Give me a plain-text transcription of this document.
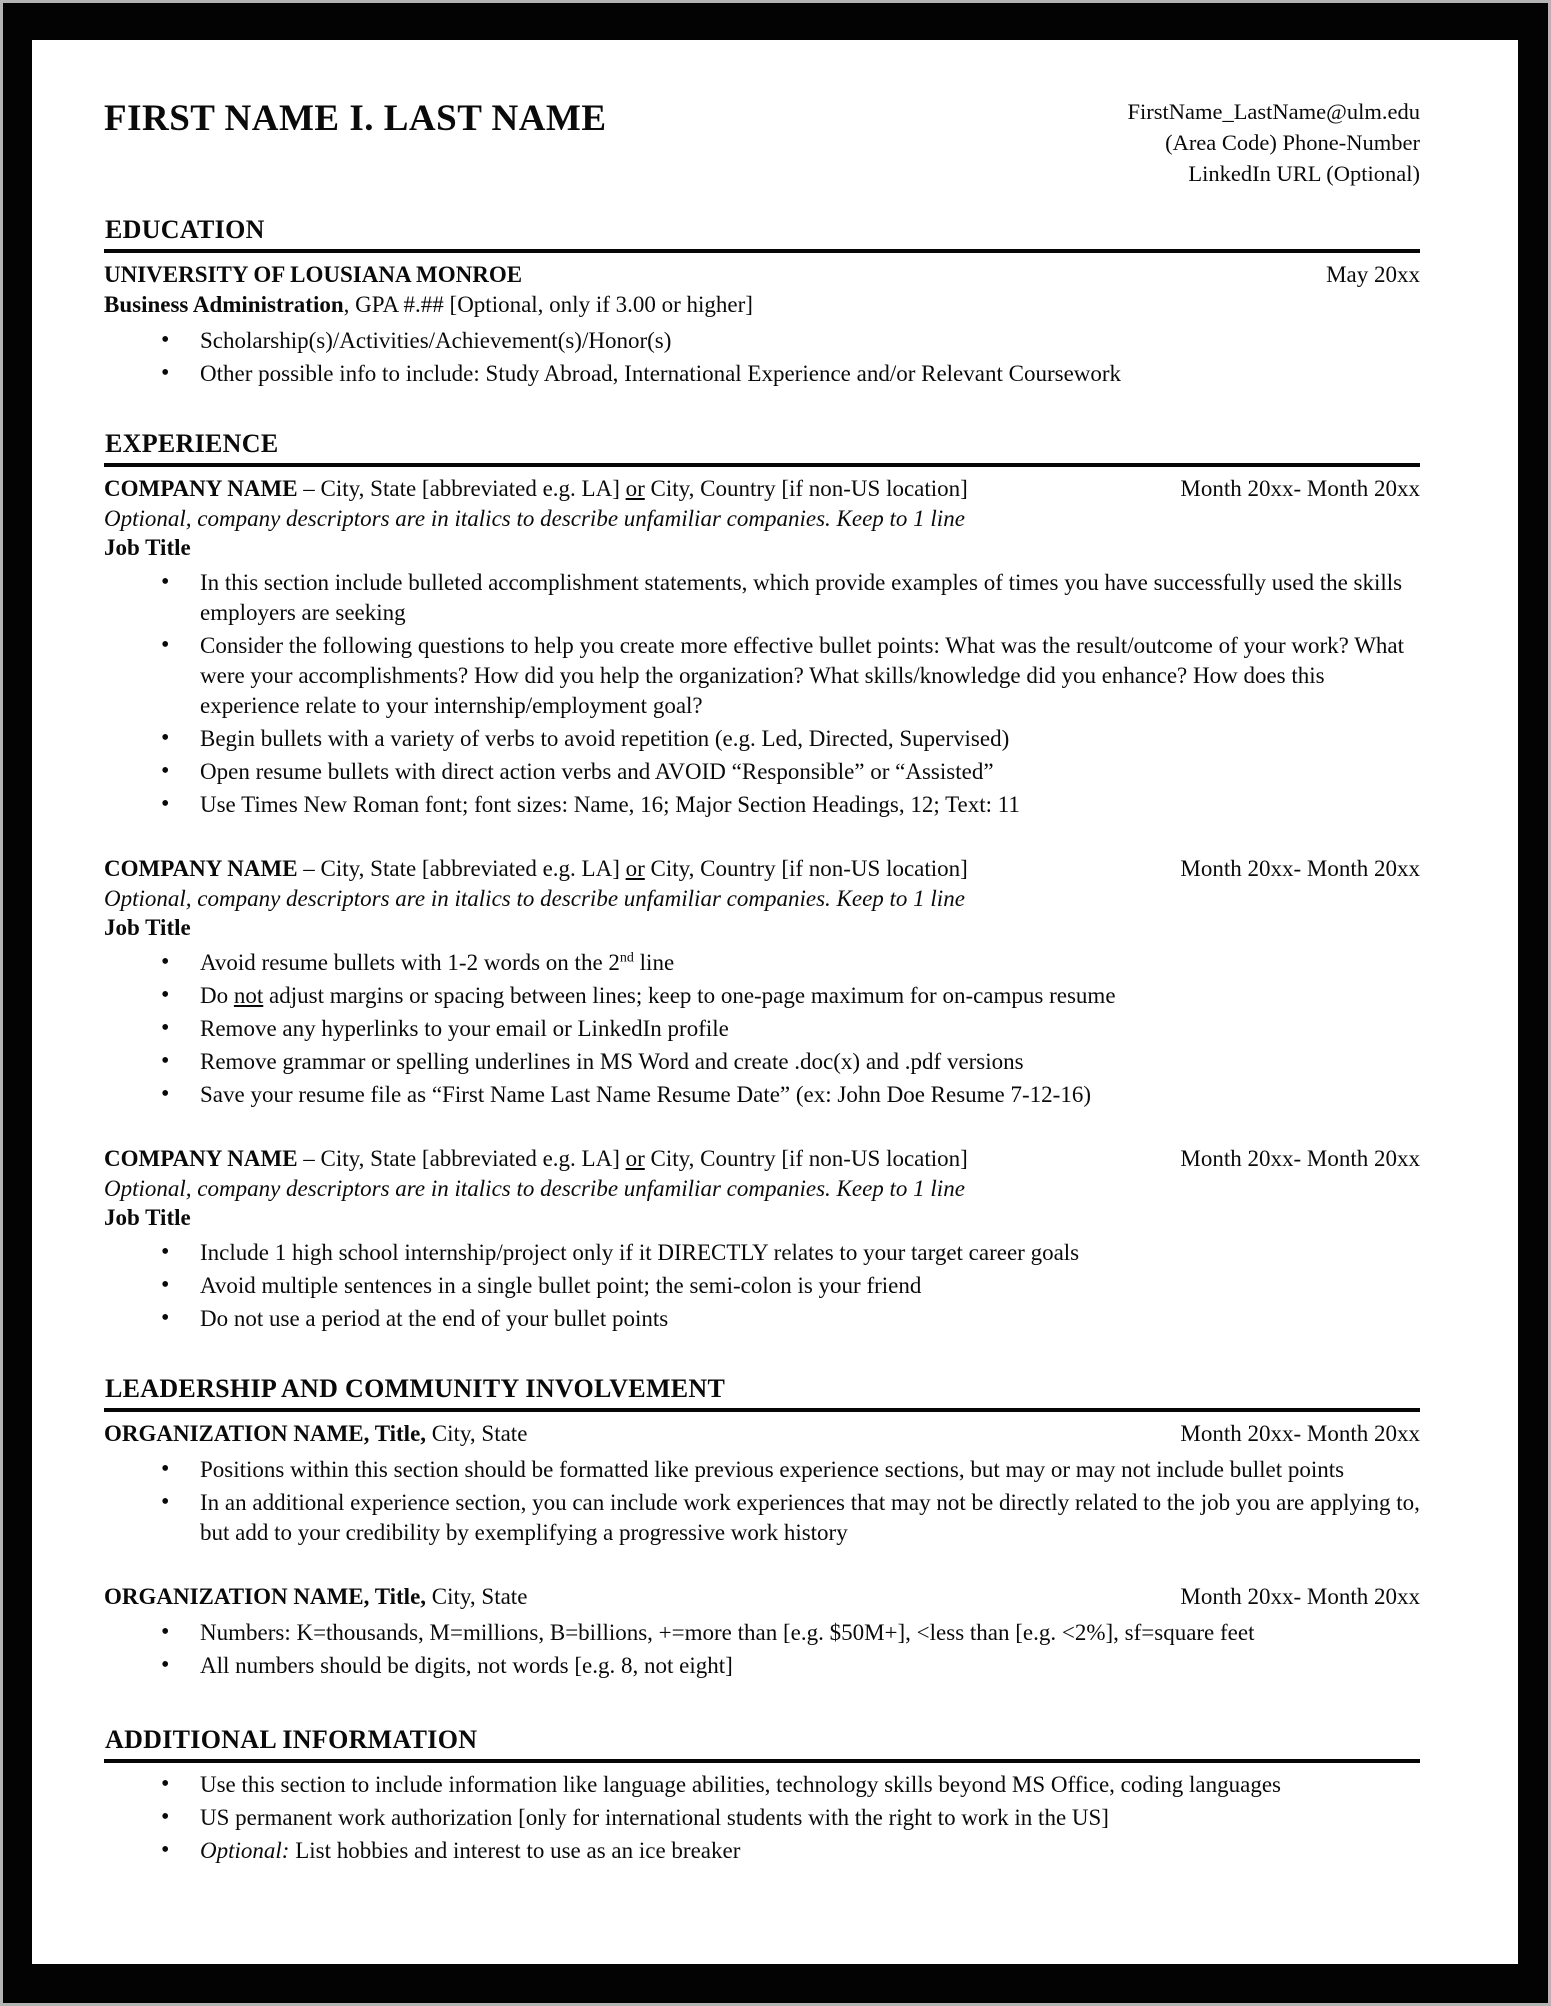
FIRST NAME I. LAST NAME	FirstName_LastName@ulm.edu
(Area Code) Phone-Number
LinkedIn URL (Optional)
EDUCATION
UNIVERSITY OF LOUSIANA MONROE	May 20xx
Business Administration, GPA #.## [Optional, only if 3.00 or higher]
• Scholarship(s)/Activities/Achievement(s)/Honor(s)
• Other possible info to include: Study Abroad, International Experience and/or Relevant Coursework
EXPERIENCE
COMPANY NAME – City, State [abbreviated e.g. LA] or City, Country [if non-US location]	Month 20xx- Month 20xx
Optional, company descriptors are in italics to describe unfamiliar companies. Keep to 1 line
Job Title
• In this section include bulleted accomplishment statements, which provide examples of times you have successfully used the skills employers are seeking
• Consider the following questions to help you create more effective bullet points: What was the result/outcome of your work? What were your accomplishments? How did you help the organization? What skills/knowledge did you enhance? How does this experience relate to your internship/employment goal?
• Begin bullets with a variety of verbs to avoid repetition (e.g. Led, Directed, Supervised)
• Open resume bullets with direct action verbs and AVOID “Responsible” or “Assisted”
• Use Times New Roman font; font sizes: Name, 16; Major Section Headings, 12; Text: 11
COMPANY NAME – City, State [abbreviated e.g. LA] or City, Country [if non-US location]	Month 20xx- Month 20xx
Optional, company descriptors are in italics to describe unfamiliar companies. Keep to 1 line
Job Title
• Avoid resume bullets with 1-2 words on the 2nd line
• Do not adjust margins or spacing between lines; keep to one-page maximum for on-campus resume
• Remove any hyperlinks to your email or LinkedIn profile
• Remove grammar or spelling underlines in MS Word and create .doc(x) and .pdf versions
• Save your resume file as “First Name Last Name Resume Date” (ex: John Doe Resume 7-12-16)
COMPANY NAME – City, State [abbreviated e.g. LA] or City, Country [if non-US location]	Month 20xx- Month 20xx
Optional, company descriptors are in italics to describe unfamiliar companies. Keep to 1 line
Job Title
• Include 1 high school internship/project only if it DIRECTLY relates to your target career goals
• Avoid multiple sentences in a single bullet point; the semi-colon is your friend
• Do not use a period at the end of your bullet points
LEADERSHIP AND COMMUNITY INVOLVEMENT
ORGANIZATION NAME, Title, City, State	Month 20xx- Month 20xx
• Positions within this section should be formatted like previous experience sections, but may or may not include bullet points
• In an additional experience section, you can include work experiences that may not be directly related to the job you are applying to, but add to your credibility by exemplifying a progressive work history
ORGANIZATION NAME, Title, City, State	Month 20xx- Month 20xx
• Numbers: K=thousands, M=millions, B=billions, +=more than [e.g. $50M+], <less than [e.g. <2%], sf=square feet
• All numbers should be digits, not words [e.g. 8, not eight]
ADDITIONAL INFORMATION
• Use this section to include information like language abilities, technology skills beyond MS Office, coding languages
• US permanent work authorization [only for international students with the right to work in the US]
• Optional: List hobbies and interest to use as an ice breaker
